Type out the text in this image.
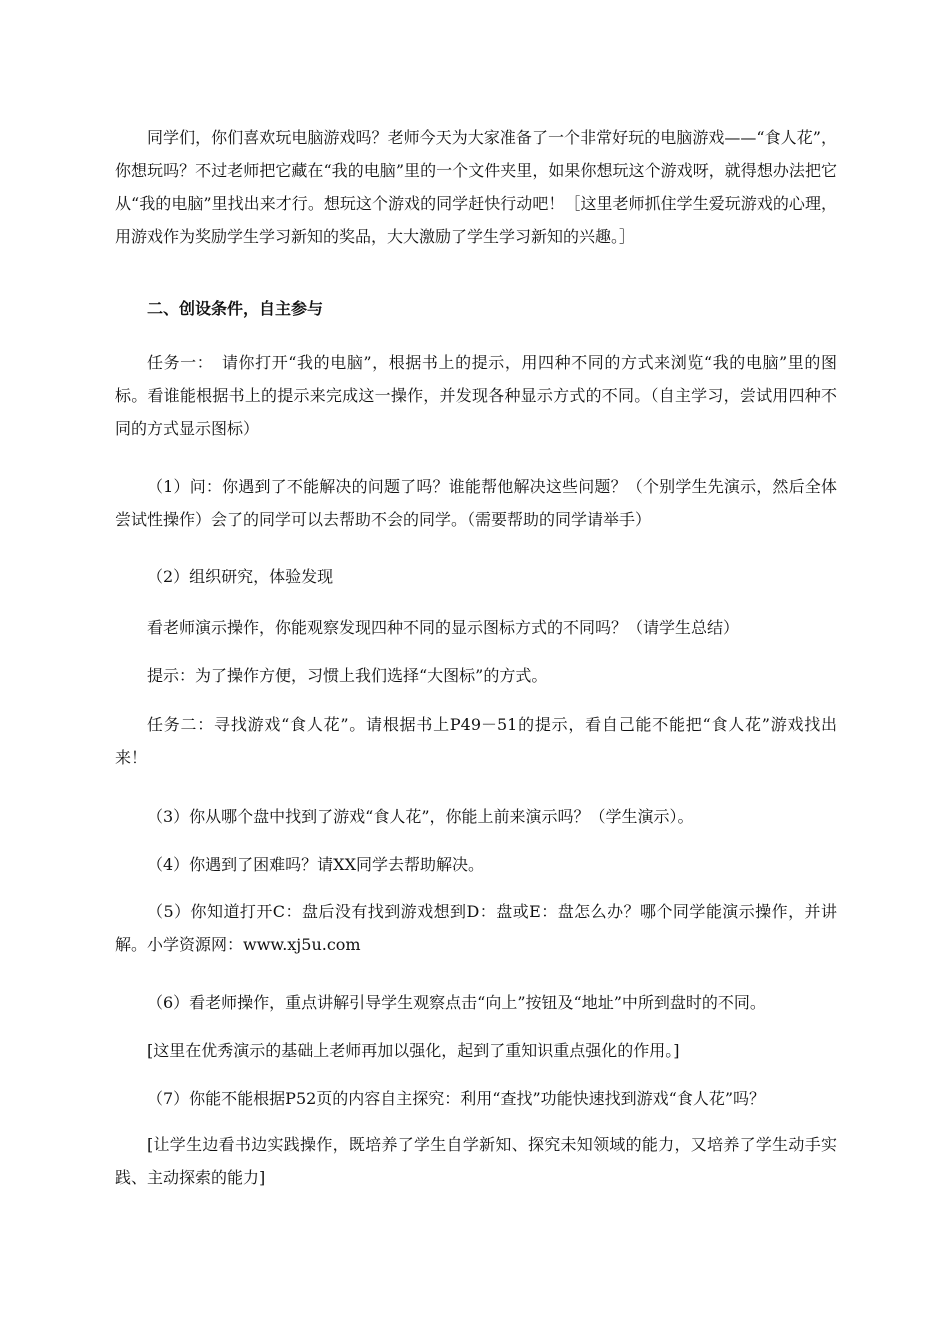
同学们，你们喜欢玩电脑游戏吗？老师今天为大家准备了一个非常好玩的电脑游戏——“食人花”，你想玩吗？不过老师把它藏在“我的电脑”里的一个文件夹里，如果你想玩这个游戏呀，就得想办法把它从“我的电脑”里找出来才行。想玩这个游戏的同学赶快行动吧！［这里老师抓住学生爱玩游戏的心理，用游戏作为奖励学生学习新知的奖品，大大激励了学生学习新知的兴趣。］

二、创设条件，自主参与

任务一：　请你打开“我的电脑”，根据书上的提示，用四种不同的方式来浏览“我的电脑”里的图标。看谁能根据书上的提示来完成这一操作，并发现各种显示方式的不同。（自主学习，尝试用四种不同的方式显示图标）

（1）问：你遇到了不能解决的问题了吗？谁能帮他解决这些问题？（个别学生先演示，然后全体尝试性操作）会了的同学可以去帮助不会的同学。（需要帮助的同学请举手）

（2）组织研究，体验发现

看老师演示操作，你能观察发现四种不同的显示图标方式的不同吗？（请学生总结）

提示：为了操作方便，习惯上我们选择“大图标”的方式。

任务二：寻找游戏“食人花”。请根据书上P49－51的提示，看自己能不能把“食人花”游戏找出来！

（3）你从哪个盘中找到了游戏“食人花”，你能上前来演示吗？（学生演示）。

（4）你遇到了困难吗？请XX同学去帮助解决。

（5）你知道打开C：盘后没有找到游戏想到D：盘或E：盘怎么办？哪个同学能演示操作，并讲解。小学资源网：www.xj5u.com

（6）看老师操作，重点讲解引导学生观察点击“向上”按钮及“地址”中所到盘时的不同。

[这里在优秀演示的基础上老师再加以强化，起到了重知识重点强化的作用。]

（7）你能不能根据P52页的内容自主探究：利用“查找”功能快速找到游戏“食人花”吗？

[让学生边看书边实践操作，既培养了学生自学新知、探究未知领域的能力，又培养了学生动手实践、主动探索的能力]
